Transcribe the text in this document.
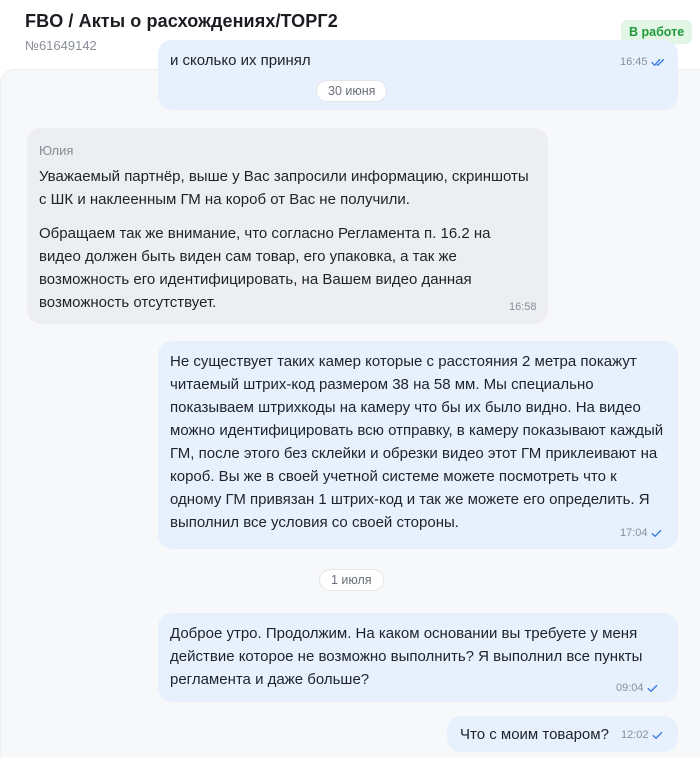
FBO / Акты о расхождениях/ТОРГ2
№61649142
В работе
и сколько их принял	16:45
30 июня
Юлия

Уважаемый партнёр, выше у Вас запросили информацию, скриншоты с ШК и наклеенным ГМ на короб от Вас не получили.

Обращаем так же внимание, что согласно Регламента п. 16.2 на видео должен быть виден сам товар, его упаковка, а так же возможность его идентифицировать, на Вашем видео данная возможность отсутствует.	16:58

Не существует таких камер которые с расстояния 2 метра покажут читаемый штрих-код размером 38 на 58 мм. Мы специально показываем штрихкоды на камеру что бы их было видно. На видео можно идентифицировать всю отправку, в камеру показывают каждый ГМ, после этого без склейки и обрезки видео этот ГМ приклеивают на короб. Вы же в своей учетной системе можете посмотреть что к одному ГМ привязан 1 штрих-код и так же можете его определить. Я выполнил все условия со своей стороны.

17:04
1 июля

Доброе утро. Продолжим. На каком основании вы требуете у меня действие которое не возможно выполнить? Я выполнил все пункты регламента и даже больше?	09:04
Что с моим товаром? 12:02
